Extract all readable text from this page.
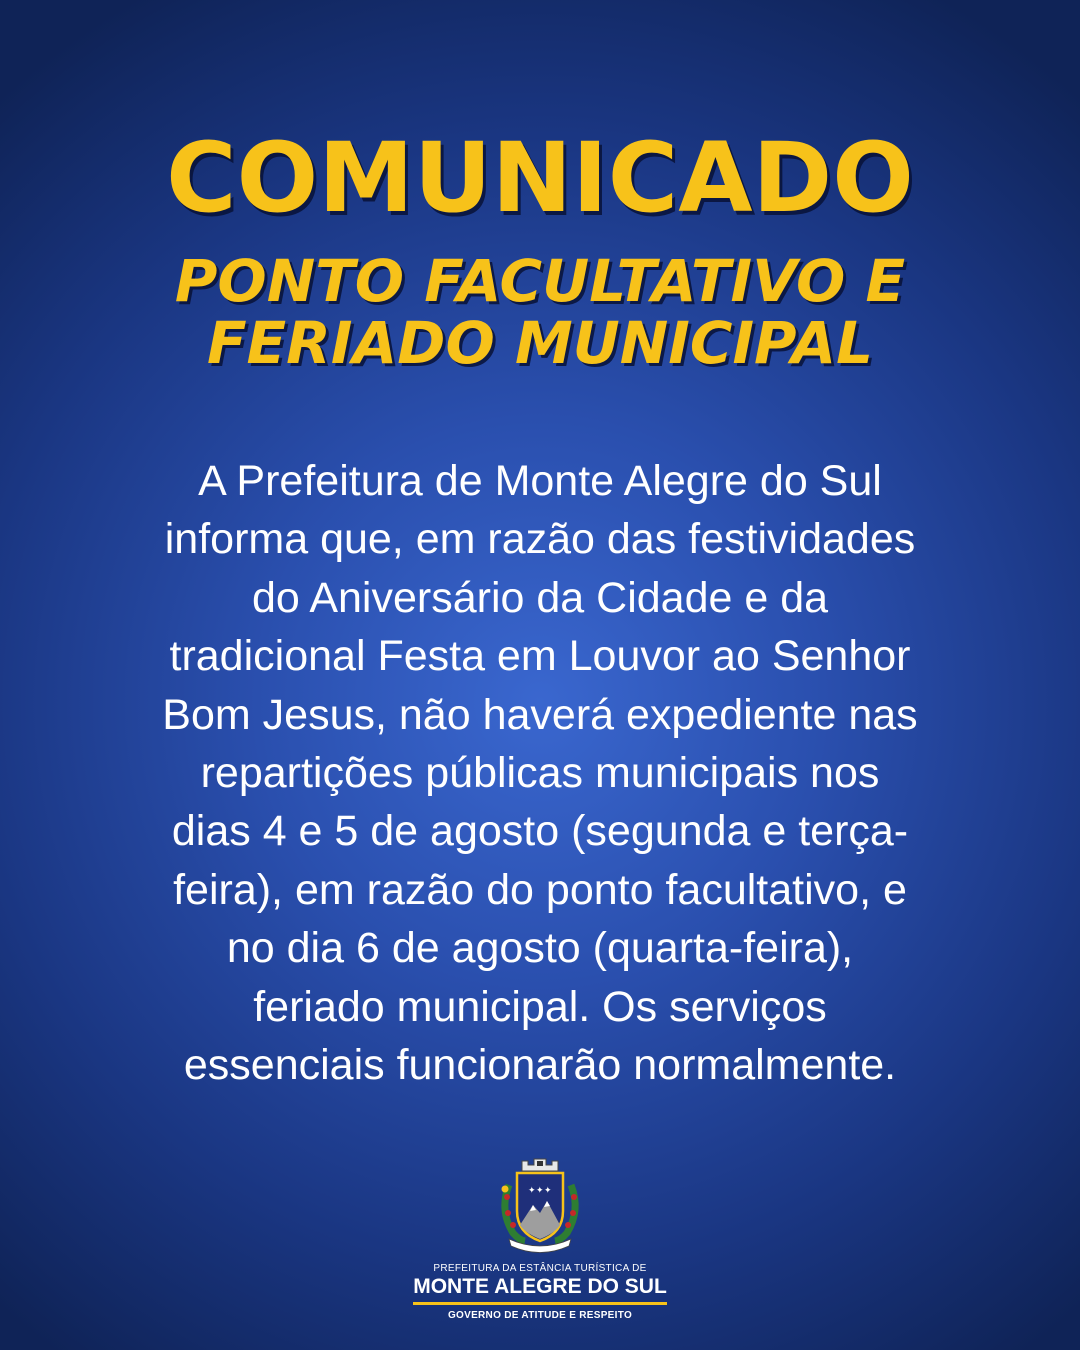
COMUNICADO
PONTO FACULTATIVO E
FERIADO MUNICIPAL

A Prefeitura de Monte Alegre do Sul
informa que, em razão das festividades
do Aniversário da Cidade e da
tradicional Festa em Louvor ao Senhor
Bom Jesus, não haverá expediente nas
repartições públicas municipais nos
dias 4 e 5 de agosto (segunda e terça-
feira), em razão do ponto facultativo, e
no dia 6 de agosto (quarta-feira),
feriado municipal. Os serviços
essenciais funcionarão normalmente.

✦ ✦ ✦
PREFEITURA DA ESTÂNCIA TURÍSTICA DE
MONTE ALEGRE DO SUL
GOVERNO DE ATITUDE E RESPEITO
